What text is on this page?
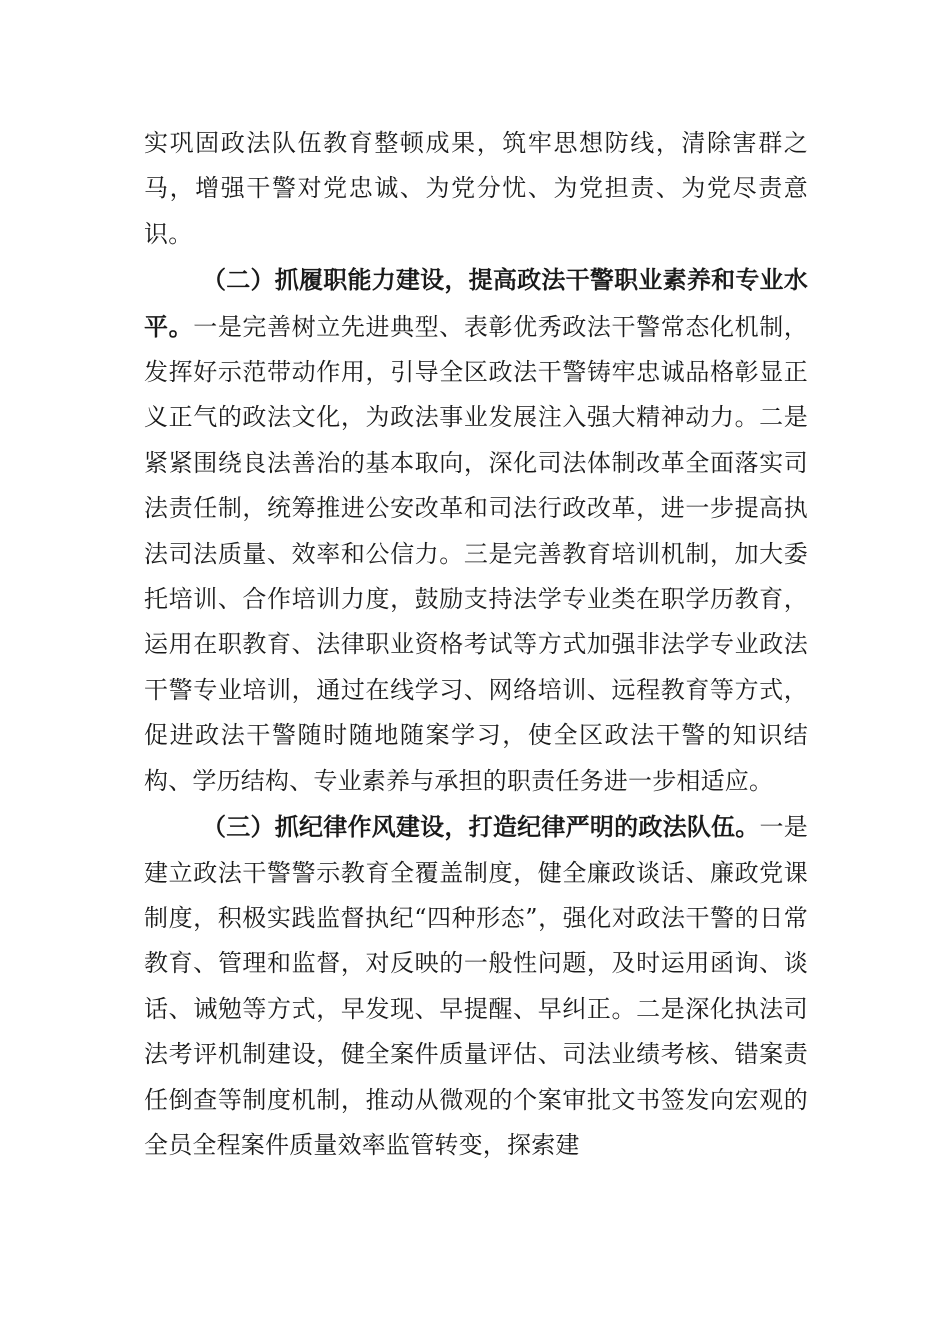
实巩固政法队伍教育整顿成果，筑牢思想防线，清除害群之马，增强干警对党忠诚、为党分忧、为党担责、为党尽责意识。

（二）抓履职能力建设，提高政法干警职业素养和专业水平。一是完善树立先进典型、表彰优秀政法干警常态化机制，发挥好示范带动作用，引导全区政法干警铸牢忠诚品格彰显正义正气的政法文化，为政法事业发展注入强大精神动力。二是紧紧围绕良法善治的基本取向，深化司法体制改革全面落实司法责任制，统筹推进公安改革和司法行政改革，进一步提高执法司法质量、效率和公信力。三是完善教育培训机制，加大委托培训、合作培训力度，鼓励支持法学专业类在职学历教育，运用在职教育、法律职业资格考试等方式加强非法学专业政法干警专业培训，通过在线学习、网络培训、远程教育等方式，促进政法干警随时随地随案学习，使全区政法干警的知识结构、学历结构、专业素养与承担的职责任务进一步相适应。

（三）抓纪律作风建设，打造纪律严明的政法队伍。一是建立政法干警警示教育全覆盖制度，健全廉政谈话、廉政党课制度，积极实践监督执纪“四种形态”，强化对政法干警的日常教育、管理和监督，对反映的一般性问题，及时运用函询、谈话、诫勉等方式，早发现、早提醒、早纠正。二是深化执法司法考评机制建设，健全案件质量评估、司法业绩考核、错案责任倒查等制度机制，推动从微观的个案审批文书签发向宏观的全员全程案件质量效率监管转变，探索建
